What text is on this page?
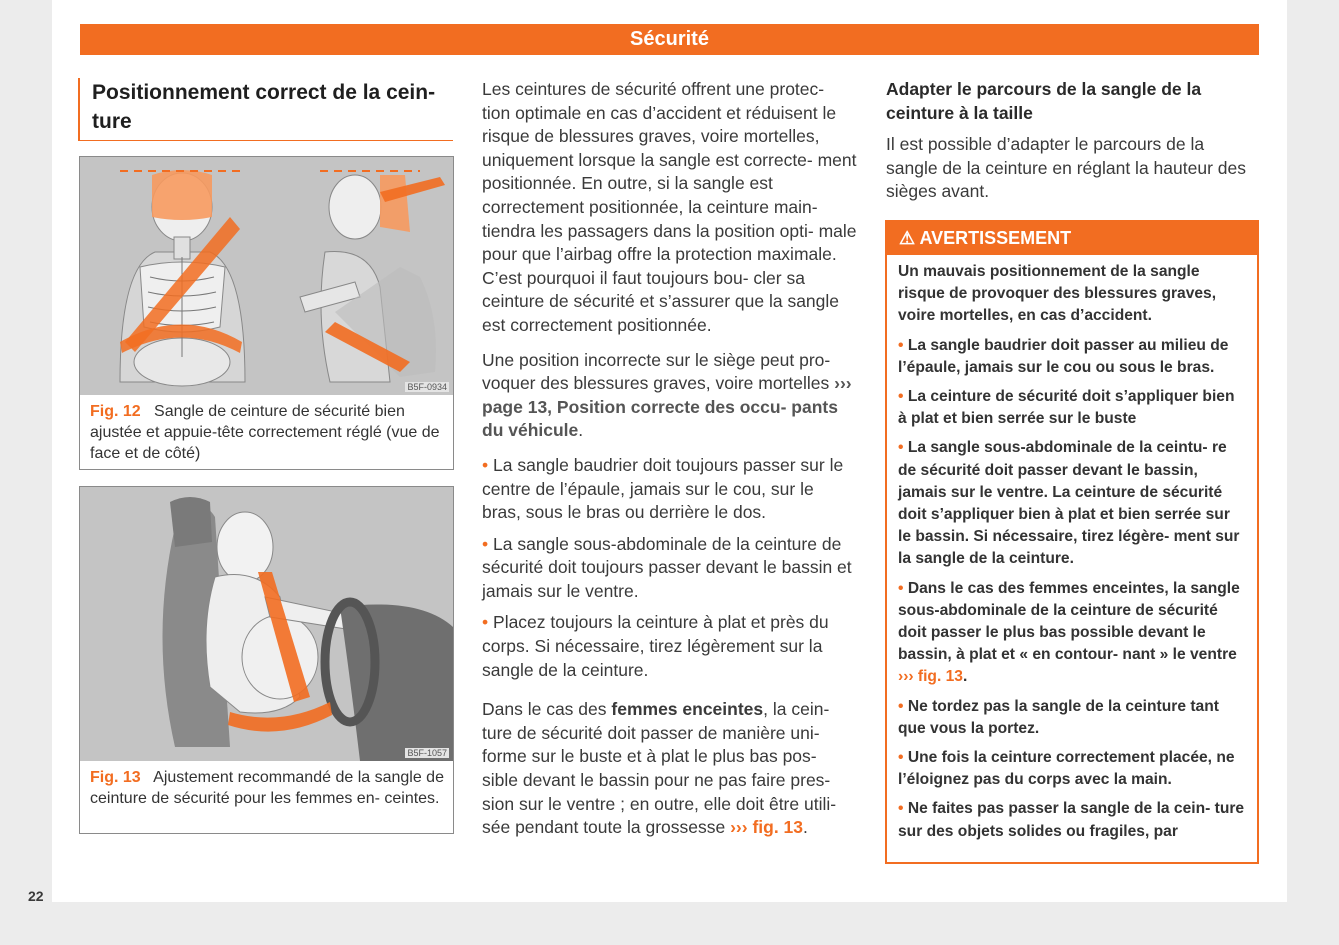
Sécurité
22
Positionnement correct de la cein- ture
B5F-0934
Fig. 12 Sangle de ceinture de sécurité bien ajustée et appuie-tête correctement réglé (vue de face et de côté)
B5F-1057
Fig. 13 Ajustement recommandé de la sangle de ceinture de sécurité pour les femmes en- ceintes.

Les ceintures de sécurité offrent une protec- tion optimale en cas d’accident et réduisent le risque de blessures graves, voire mortelles, uniquement lorsque la sangle est correcte- ment positionnée. En outre, si la sangle est correctement positionnée, la ceinture main- tiendra les passagers dans la position opti- male pour que l’airbag offre la protection maximale. C’est pourquoi il faut toujours bou- cler sa ceinture de sécurité et s’assurer que la sangle est correctement positionnée.

Une position incorrecte sur le siège peut pro- voquer des blessures graves, voire mortelles ››› page 13, Position correcte des occu- pants du véhicule.

• La sangle baudrier doit toujours passer sur le centre de l’épaule, jamais sur le cou, sur le bras, sous le bras ou derrière le dos.
• La sangle sous-abdominale de la ceinture de sécurité doit toujours passer devant le bassin et jamais sur le ventre.
• Placez toujours la ceinture à plat et près du corps. Si nécessaire, tirez légèrement sur la sangle de la ceinture.

Dans le cas des femmes enceintes, la cein- ture de sécurité doit passer de manière uni- forme sur le buste et à plat le plus bas pos- sible devant le bassin pour ne pas faire pres- sion sur le ventre ; en outre, elle doit être utili- sée pendant toute la grossesse ››› fig. 13.

Adapter le parcours de la sangle de la ceinture à la taille

Il est possible d’adapter le parcours de la sangle de la ceinture en réglant la hauteur des sièges avant.

⚠ AVERTISSEMENT

Un mauvais positionnement de la sangle risque de provoquer des blessures graves, voire mortelles, en cas d’accident.

• La sangle baudrier doit passer au milieu de l’épaule, jamais sur le cou ou sous le bras.

• La ceinture de sécurité doit s’appliquer bien à plat et bien serrée sur le buste

• La sangle sous-abdominale de la ceintu- re de sécurité doit passer devant le bassin, jamais sur le ventre. La ceinture de sécurité doit s’appliquer bien à plat et bien serrée sur le bassin. Si nécessaire, tirez légère- ment sur la sangle de la ceinture.

• Dans le cas des femmes enceintes, la sangle sous-abdominale de la ceinture de sécurité doit passer le plus bas possible devant le bassin, à plat et « en contour- nant » le ventre ››› fig. 13.

• Ne tordez pas la sangle de la ceinture tant que vous la portez.

• Une fois la ceinture correctement placée, ne l’éloignez pas du corps avec la main.

• Ne faites pas passer la sangle de la cein- ture sur des objets solides ou fragiles, par
